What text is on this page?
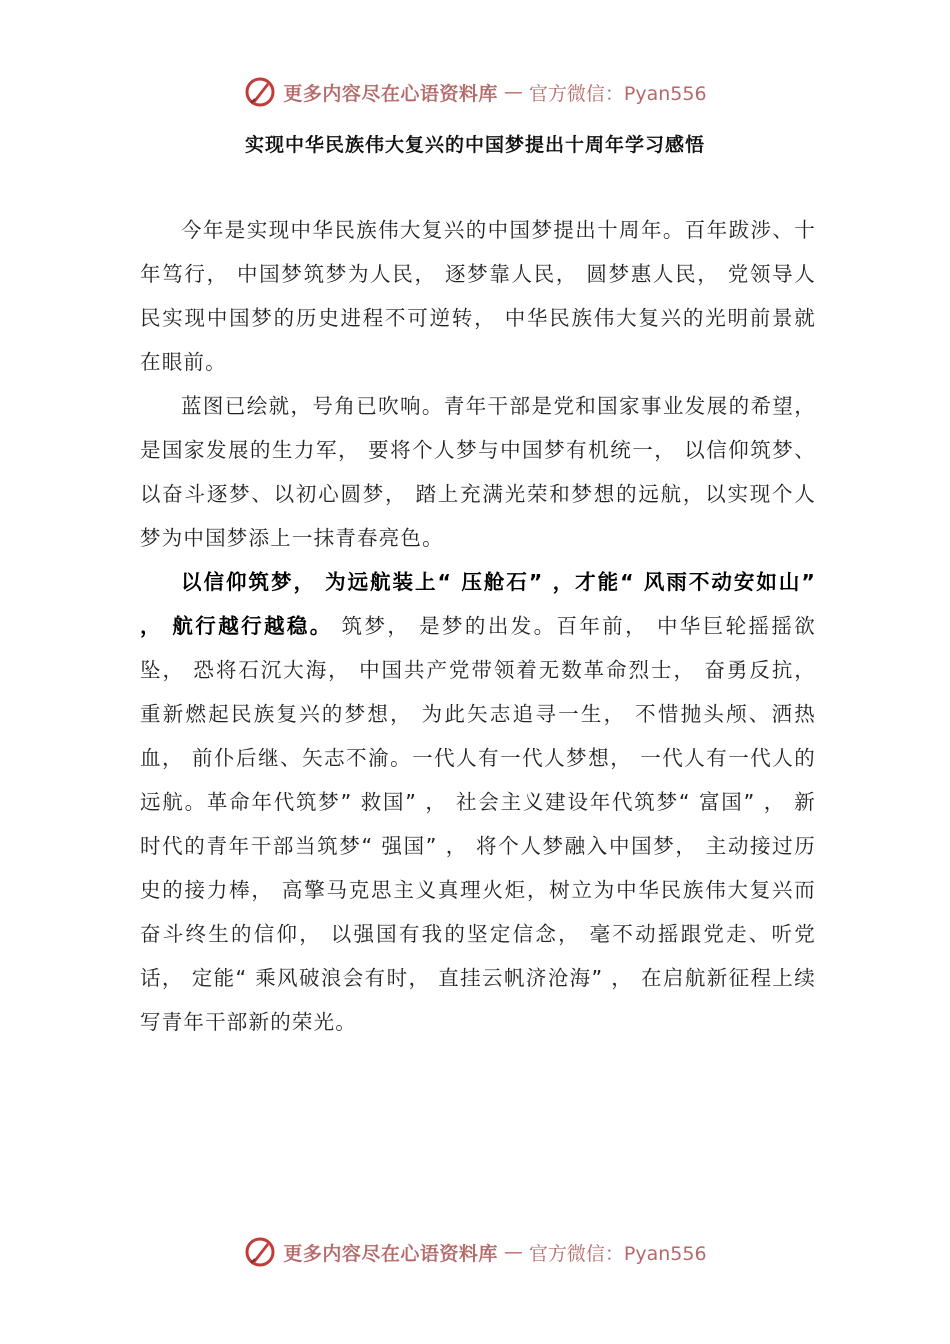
更多内容尽在心语资料库 — 官方微信：Pyan556
实现中华民族伟大复兴的中国梦提出十周年学习感悟

今年是实现中华民族伟大复兴的中国梦提出十周年。百年跋涉、十年笃行， 中国梦筑梦为人民， 逐梦靠人民， 圆梦惠人民， 党领导人民实现中国梦的历史进程不可逆转， 中华民族伟大复兴的光明前景就在眼前。

蓝图已绘就，号角已吹响。青年干部是党和国家事业发展的希望， 是国家发展的生力军， 要将个人梦与中国梦有机统一， 以信仰筑梦、以奋斗逐梦、以初心圆梦， 踏上充满光荣和梦想的远航，以实现个人梦为中国梦添上一抹青春亮色。

以信仰筑梦， 为远航装上“ 压舱石” ，才能“ 风雨不动安如山” ， 航行越行越稳。 筑梦， 是梦的出发。百年前， 中华巨轮摇摇欲坠， 恐将石沉大海， 中国共产党带领着无数革命烈士， 奋勇反抗， 重新燃起民族复兴的梦想， 为此矢志追寻一生， 不惜抛头颅、洒热血， 前仆后继、矢志不渝。一代人有一代人梦想， 一代人有一代人的远航。革命年代筑梦” 救国” ， 社会主义建设年代筑梦“ 富国” ， 新时代的青年干部当筑梦“ 强国” ， 将个人梦融入中国梦， 主动接过历史的接力棒， 高擎马克思主义真理火炬，树立为中华民族伟大复兴而奋斗终生的信仰， 以强国有我的坚定信念， 毫不动摇跟党走、听党话， 定能“ 乘风破浪会有时， 直挂云帆济沧海” ， 在启航新征程上续写青年干部新的荣光。

更多内容尽在心语资料库 — 官方微信：Pyan556
